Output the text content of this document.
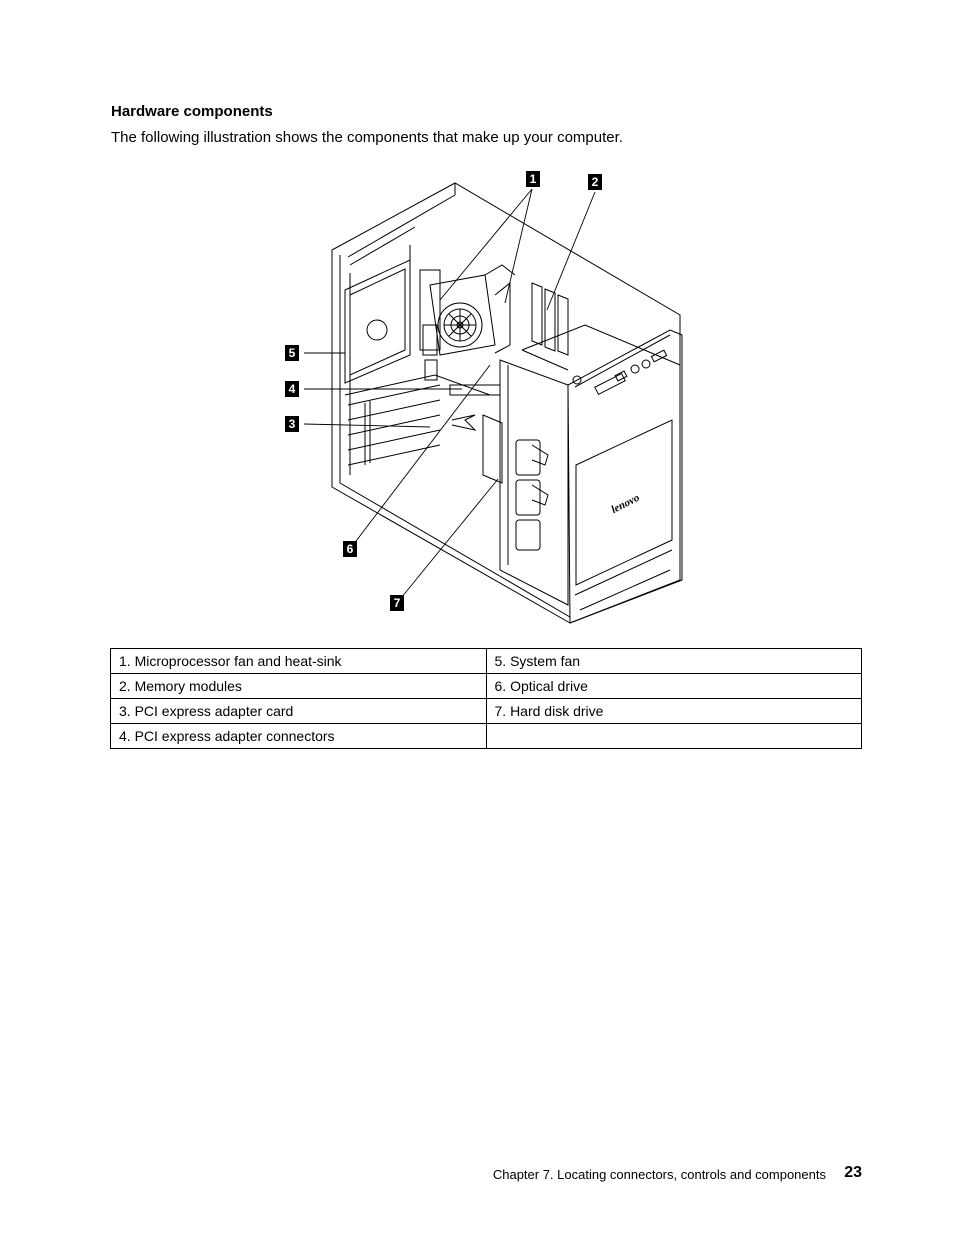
Hardware components

The following illustration shows the components that make up your computer.

lenovo
1	2
3
4
5
6
7
1. Microprocessor fan and heat-sink	5. System fan
2. Memory modules	6. Optical drive
3. PCI express adapter card	7. Hard disk drive
4. PCI express adapter connectors	
Chapter 7. Locating connectors, controls and components 23
